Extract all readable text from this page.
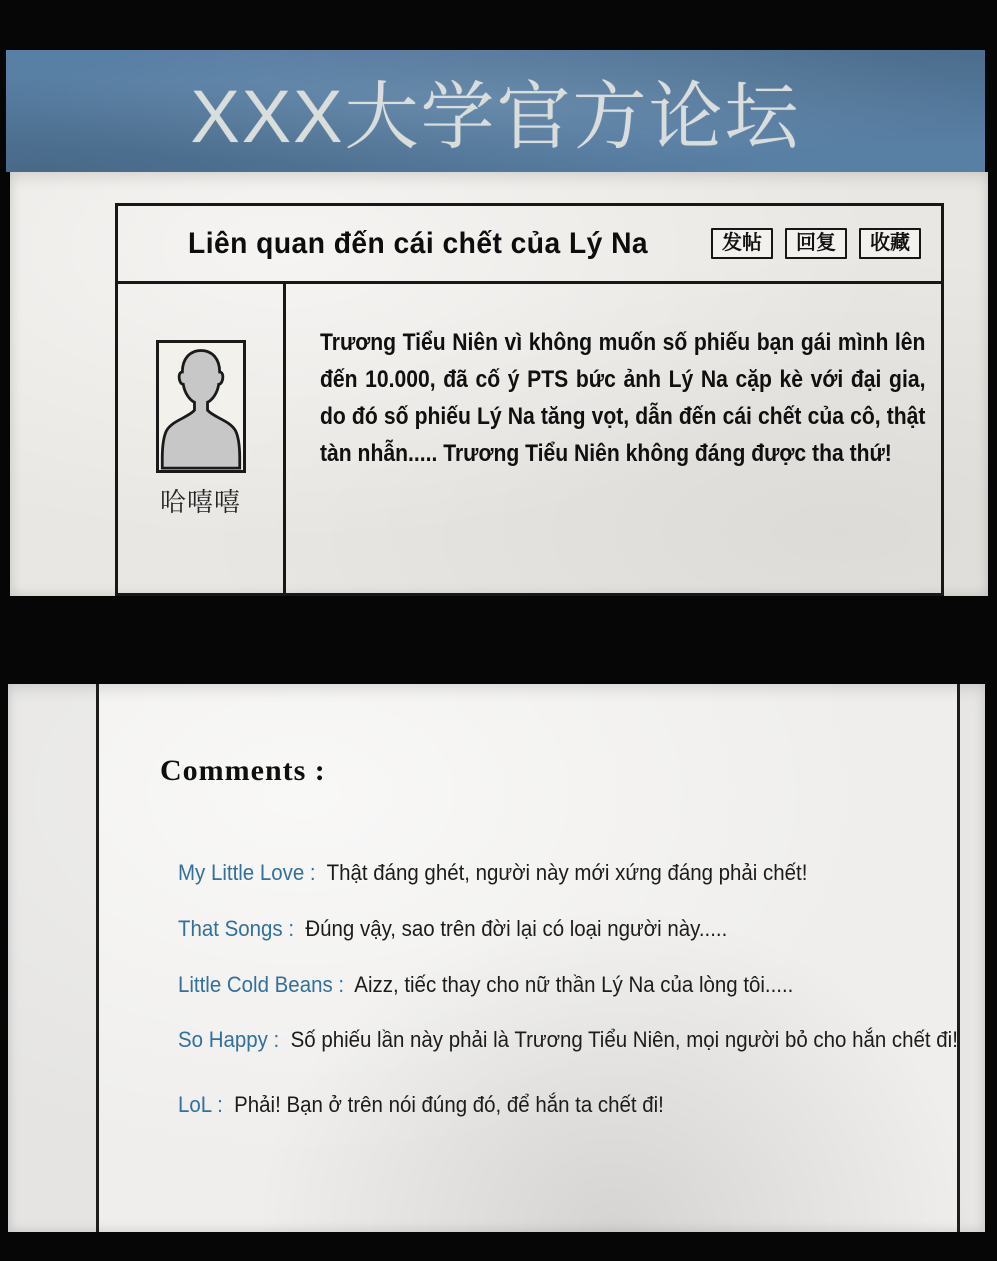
XXX大学官方论坛
Liên quan đến cái chết của Lý Na	发帖	回复	收藏
哈嘻嘻

Trương Tiểu Niên vì không muốn số phiếu bạn gái mình lên đến 10.000, đã cố ý PTS bức ảnh Lý Na cặp kè với đại gia, do đó số phiếu Lý Na tăng vọt, dẫn đến cái chết của cô, thật tàn nhẫn..... Trương Tiểu Niên không đáng được tha thứ!

Comments :
My Little Love :  Thật đáng ghét, người này mới xứng đáng phải chết!
That Songs :  Đúng vậy, sao trên đời lại có loại người này.....
Little Cold Beans :  Aizz, tiếc thay cho nữ thần Lý Na của lòng tôi.....
So Happy :  Số phiếu lần này phải là Trương Tiểu Niên, mọi người bỏ cho hắn chết đi!
LoL :  Phải! Bạn ở trên nói đúng đó, để hắn ta chết đi!
